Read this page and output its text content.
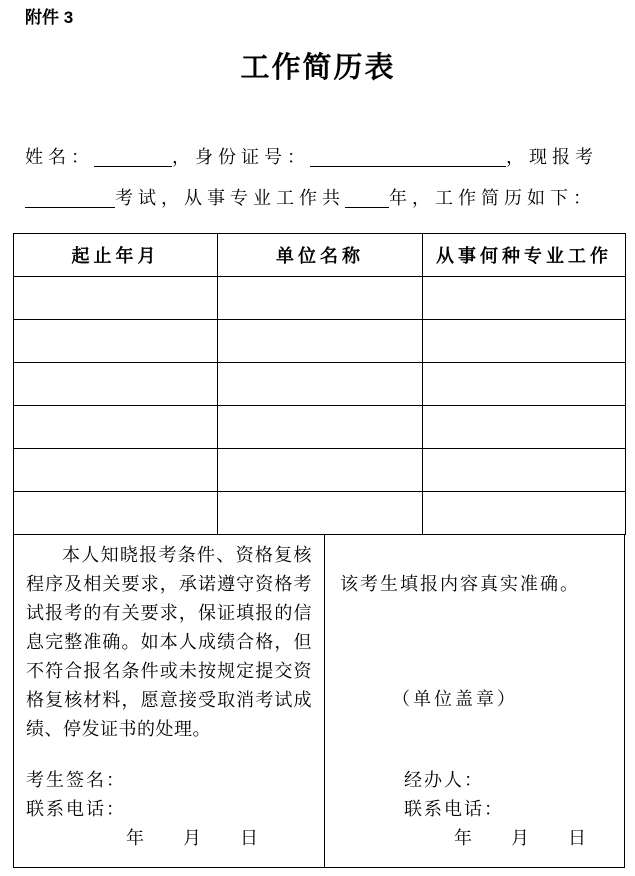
附件 3
工作简历表
姓名：	，身份证号：	，现报考
考试，从事专业工作共 年，工作简历如下：
起止年月	单位名称	从事何种专业工作

本人知晓报考条件、资格复核程序及相关要求，承诺遵守资格考试报考的有关要求，保证填报的信息完整准确。如本人成绩合格，但不符合报名条件或未按规定提交资格复核材料，愿意接受取消考试成绩、停发证书的处理。
考生签名：
联系电话：
年　　月　　日

该考生填报内容真实准确。
（单位盖章）
经办人：
联系电话：
年　　月　　日
